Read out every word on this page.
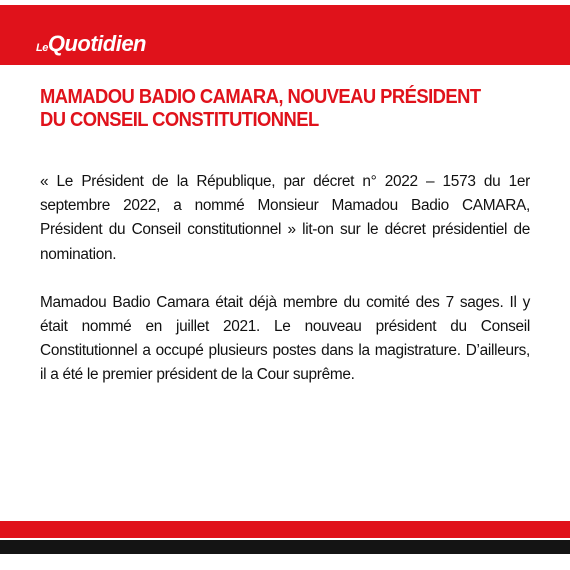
LeQuotidien
MAMADOU BADIO CAMARA, NOUVEAU PRÉSIDENT DU CONSEIL CONSTITUTIONNEL

« Le Président de la République, par décret n° 2022 – 1573 du 1er septembre 2022, a nommé Monsieur Mamadou Badio CAMARA, Président du Conseil constitutionnel » lit-on sur le décret présidentiel de nomination.

Mamadou Badio Camara était déjà membre du comité des 7 sages. Il y était nommé en juillet 2021. Le nouveau président du Conseil Constitutionnel a occupé plusieurs postes dans la magistrature. D’ailleurs, il a été le premier président de la Cour suprême.
